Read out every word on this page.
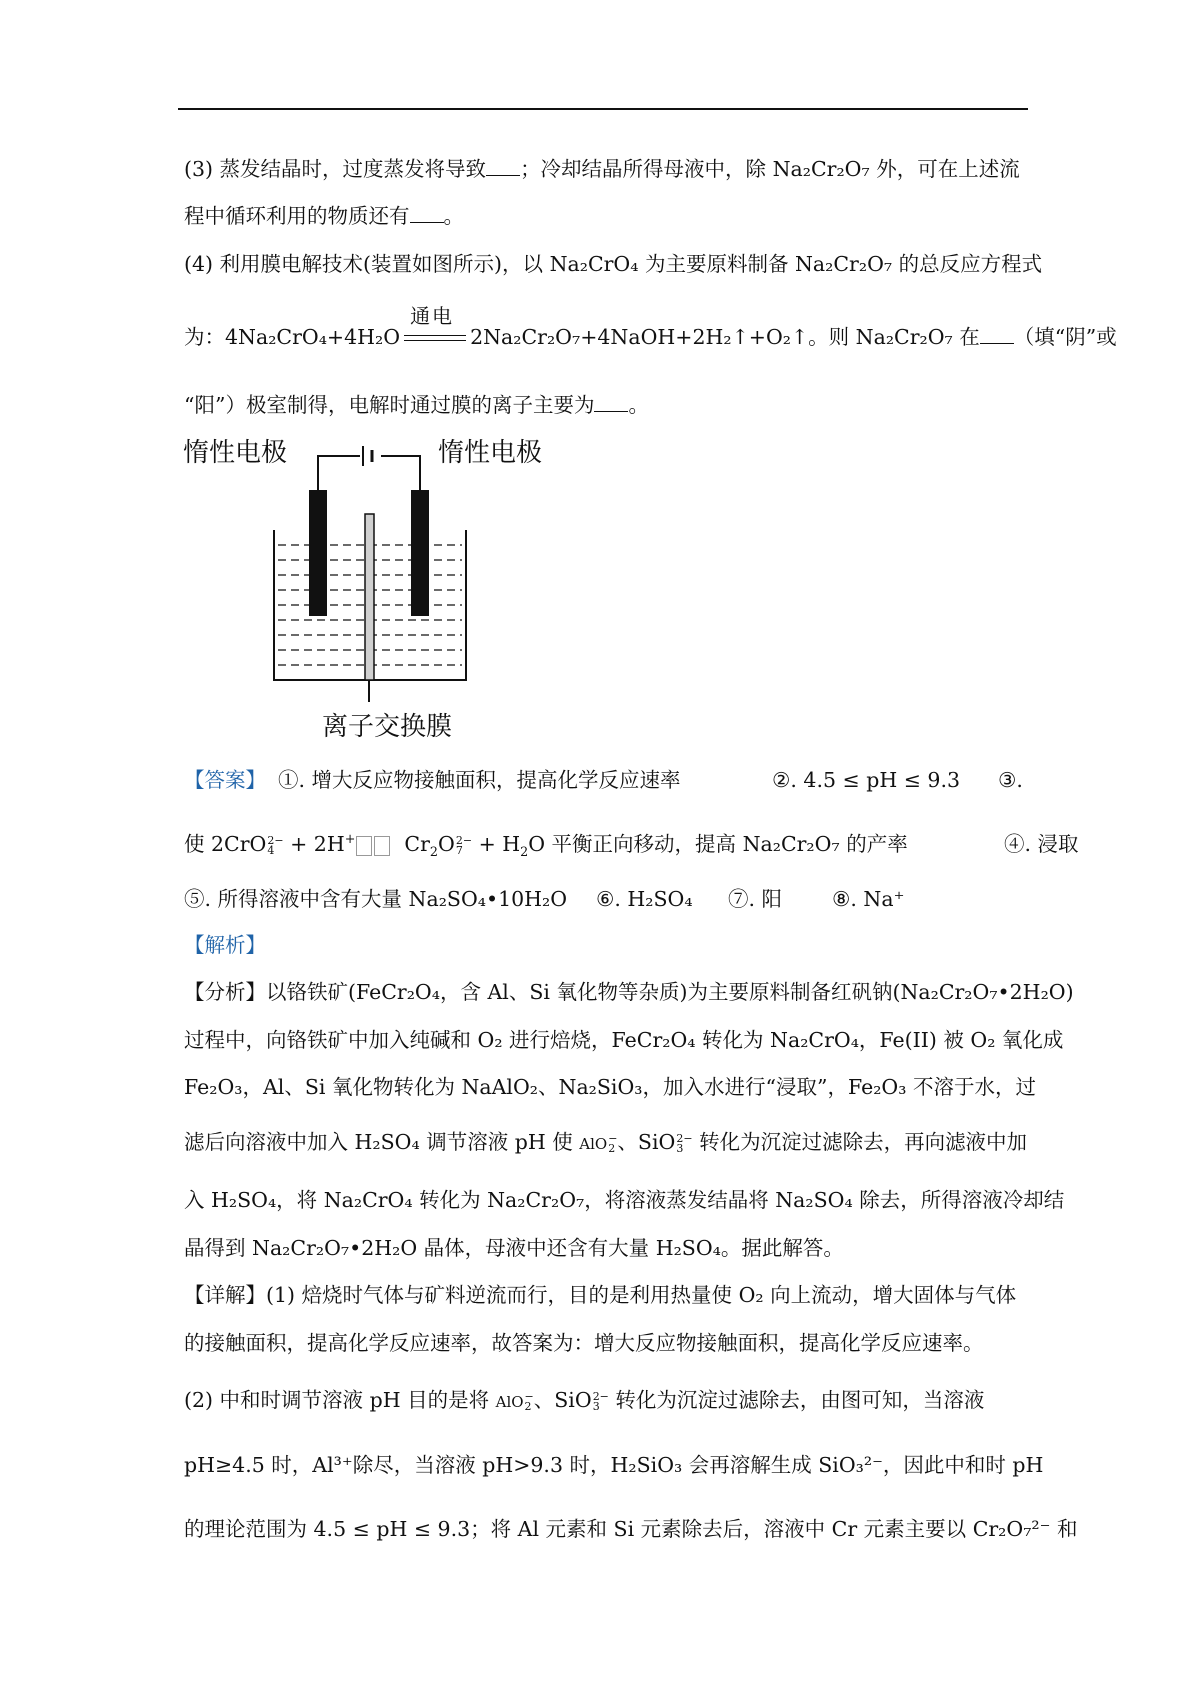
(3) 蒸发结晶时，过度蒸发将导致 ；冷却结晶所得母液中，除 Na₂Cr₂O₇ 外，可在上述流
程中循环利用的物质还有 。
(4) 利用膜电解技术(装置如图所示)，以 Na₂CrO₄ 为主要原料制备 Na₂Cr₂O₇ 的总反应方程式
为：4Na₂CrO₄+4H₂O
通电
2Na₂Cr₂O₇+4NaOH+2H₂↑+O₂↑。则 Na₂Cr₂O₇ 在 （填“阴”或
“阳”）极室制得，电解时通过膜的离子主要为 。
惰性电极	惰性电极
离子交换膜
【答案】 ①. 增大反应物接触面积，提高化学反应速率	②. 4.5 ≤ pH ≤ 9.3 ③.
使 2CrO 2−
4 + 2H+ $Cr_2O$ 2−
$7 + H_2O$ 平衡正向移动，提高 Na₂Cr₂O₇ 的产率	④. 浸取
⑤. 所得溶液中含有大量 Na₂SO₄•10H₂O ⑥. H₂SO₄ ⑦. 阳 ⑧. Na⁺
【解析】
【分析】以铬铁矿(FeCr₂O₄，含 Al、Si 氧化物等杂质)为主要原料制备红矾钠(Na₂Cr₂O₇•2H₂O)
过程中，向铬铁矿中加入纯碱和 O₂ 进行焙烧，FeCr₂O₄ 转化为 Na₂CrO₄，Fe(II) 被 O₂ 氧化成
Fe₂O₃，Al、Si 氧化物转化为 NaAlO₂、Na₂SiO₃，加入水进行“浸取”，Fe₂O₃ 不溶于水，过
滤后向溶液中加入 H₂SO₄ 调节溶液 pH 使 AlO −
2 、SiO 2−
3 转化为沉淀过滤除去，再向滤液中加
入 H₂SO₄，将 Na₂CrO₄ 转化为 Na₂Cr₂O₇，将溶液蒸发结晶将 Na₂SO₄ 除去，所得溶液冷却结
晶得到 Na₂Cr₂O₇•2H₂O 晶体，母液中还含有大量 H₂SO₄。据此解答。
【详解】(1) 焙烧时气体与矿料逆流而行，目的是利用热量使 O₂ 向上流动，增大固体与气体
的接触面积，提高化学反应速率，故答案为：增大反应物接触面积，提高化学反应速率。
(2) 中和时调节溶液 pH 目的是将 AlO −
2 、SiO 2−
3 转化为沉淀过滤除去，由图可知，当溶液
pH≥4.5 时，Al³⁺除尽，当溶液 pH>9.3 时，H₂SiO₃ 会再溶解生成 SiO₃²⁻，因此中和时 pH
的理论范围为 4.5 ≤ pH ≤ 9.3；将 Al 元素和 Si 元素除去后，溶液中 Cr 元素主要以 Cr₂O₇²⁻ 和
